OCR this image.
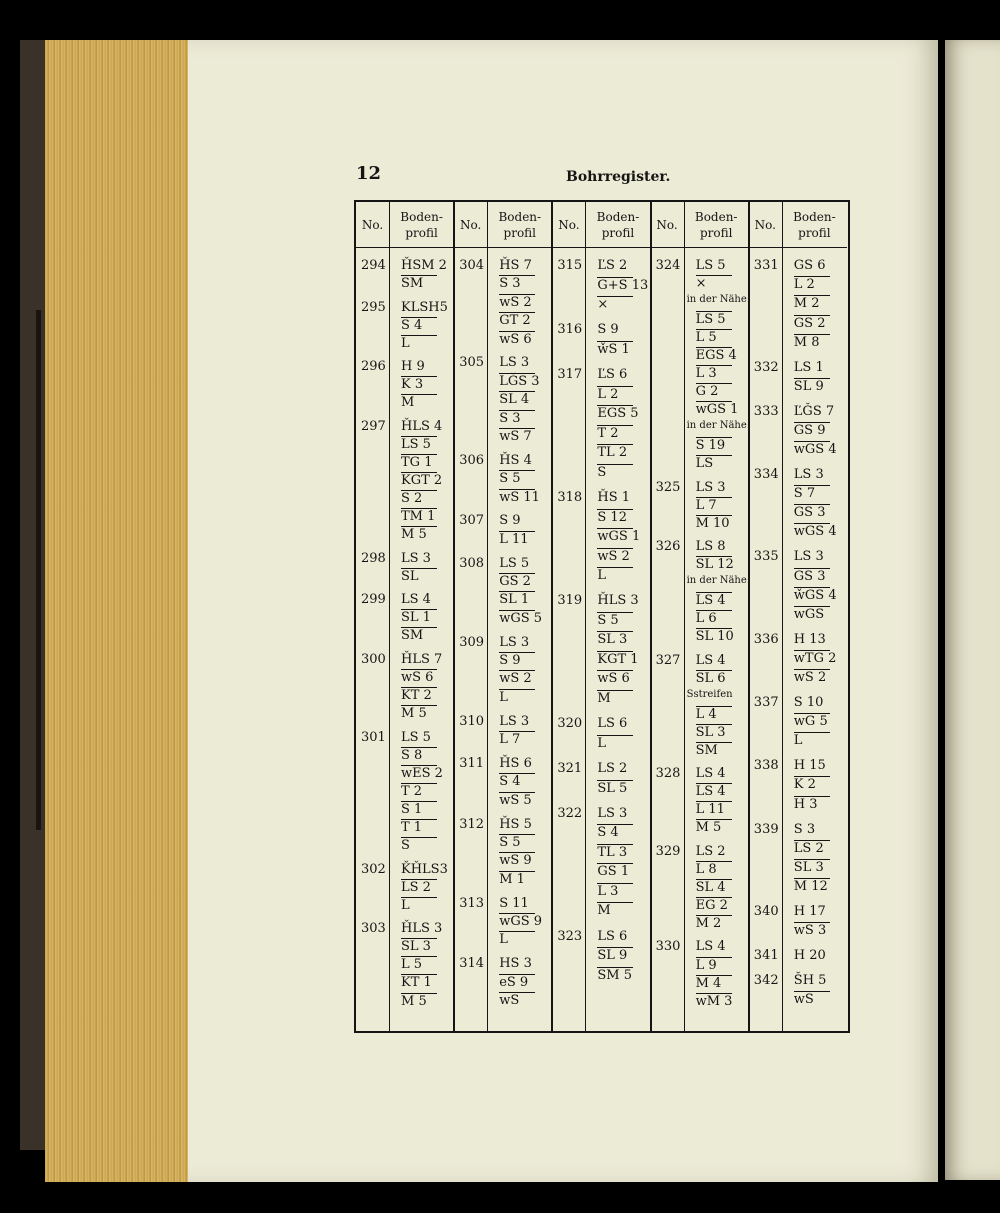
12	Bohrregister.
No.
Boden-
profil
294 ȞSM 2
SM
295 KLSH5
S 4
L
296 H 9
K 3
M
297 ȞLS 4
LS 5
TG 1
KGT 2
S 2
TM 1
M 5
298 LS 3
SL
299 LS 4
SL 1
SM
300 ȞLS 7
wS 6
KT 2
M 5
301 LS 5
S 8
wES 2
T 2
S 1
T 1
S
302 ǨȞLS3
LS 2
L
303 ȞLS 3
SL 3
L 5
KT 1
M 5
No.
Boden-
profil
304 ȞS 7
S 3
wS 2
GT 2
wS 6
305 LS 3
LǦS 3
SL 4
S 3
wS 7
306 ȞS 4
S 5
wS 11
307 S 9
L 11
308 LS 5
GS 2
SL 1
wGS 5
309 LS 3
S 9
wS 2
L
310 LS 3
L 7
311 ȞS 6
S 4
wS 5
312 ȞS 5
S 5
wS 9
M 1
313 S 11
wGS 9
L
314 HS 3
eS 9
wS
No.
Boden-
profil
315 ĽS 2
G+S 13
×
316 S 9
w̌S 1
317 ĽS 6
L 2
EGS 5
T 2
TL 2
S
318 ȞS 1
S 12
wGS 1
wS 2
L
319 ȞLS 3
S 5
SL 3
KGT 1
wS 6
M
320 LS 6
L
321 LS 2
SL 5
322 LS 3
S 4
TL 3
GS 1
L 3
M
323 LS 6
SL 9
SM 5
No.
Boden-
profil
324 LS 5
×
in der Nähe:
LS 5
L 5
EGS 4
L 3
G 2
wGS 1
in der Nähe:
S 19
LS
325 LS 3
L 7
M 10
326 LS 8
SL 12
in der Nähe:
LS 4
L 6
SL 10
327 LS 4
SL 6
Sstreifen
L 4
SL 3
SM
328 LS 4
LS 4
L 11
M 5
329 LS 2
L 8
SL 4
EG 2
M 2
330 LS 4
L 9
M 4
wM 3
No.
Boden-
profil
331 GS 6
L 2
M 2
GS 2
M 8
332 LS 1
SL 9
333 ĽǦS 7
GS 9
wGS 4
334 LS 3
S 7
GS 3
wGS 4
335 LS 3
GS 3
w̌GS 4
wGS
336 H 13
wTG 2
wS 2
337 S 10
wG 5
L
338 H 15
K 2
H 3
339 S 3
LS 2
SL 3
M 12
340 H 17
wS 3
341 H 20
342 ŠH 5
wS
